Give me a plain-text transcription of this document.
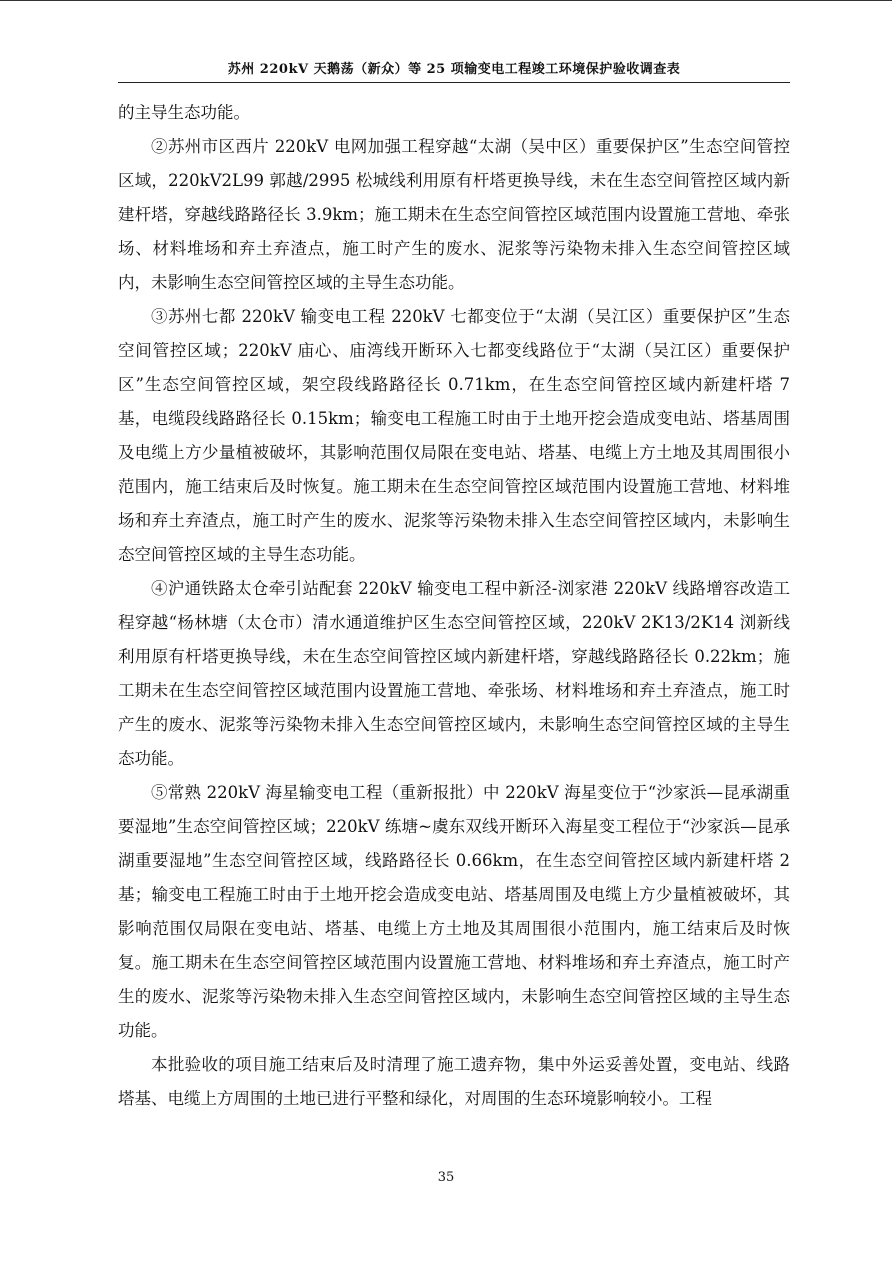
苏州 220kV 天鹅荡（新众）等 25 项输变电工程竣工环境保护验收调查表

的主导生态功能。

②苏州市区西片 220kV 电网加强工程穿越“太湖（吴中区）重要保护区”生态空间管控区域，220kV2L99 郭越/2995 松城线利用原有杆塔更换导线，未在生态空间管控区域内新建杆塔，穿越线路路径长 3.9km；施工期未在生态空间管控区域范围内设置施工营地、牵张场、材料堆场和弃土弃渣点，施工时产生的废水、泥浆等污染物未排入生态空间管控区域内，未影响生态空间管控区域的主导生态功能。

③苏州七都 220kV 输变电工程 220kV 七都变位于“太湖（吴江区）重要保护区”生态空间管控区域；220kV 庙心、庙湾线开断环入七都变线路位于“太湖（吴江区）重要保护区”生态空间管控区域，架空段线路路径长 0.71km，在生态空间管控区域内新建杆塔 7 基，电缆段线路路径长 0.15km；输变电工程施工时由于土地开挖会造成变电站、塔基周围及电缆上方少量植被破坏，其影响范围仅局限在变电站、塔基、电缆上方土地及其周围很小范围内，施工结束后及时恢复。施工期未在生态空间管控区域范围内设置施工营地、材料堆场和弃土弃渣点，施工时产生的废水、泥浆等污染物未排入生态空间管控区域内，未影响生态空间管控区域的主导生态功能。

④沪通铁路太仓牵引站配套 220kV 输变电工程中新泾-浏家港 220kV 线路增容改造工程穿越“杨林塘（太仓市）清水通道维护区生态空间管控区域，220kV 2K13/2K14 浏新线利用原有杆塔更换导线，未在生态空间管控区域内新建杆塔，穿越线路路径长 0.22km；施工期未在生态空间管控区域范围内设置施工营地、牵张场、材料堆场和弃土弃渣点，施工时产生的废水、泥浆等污染物未排入生态空间管控区域内，未影响生态空间管控区域的主导生态功能。

⑤常熟 220kV 海星输变电工程（重新报批）中 220kV 海星变位于“沙家浜—昆承湖重要湿地”生态空间管控区域；220kV 练塘~虞东双线开断环入海星变工程位于“沙家浜—昆承湖重要湿地”生态空间管控区域，线路路径长 0.66km，在生态空间管控区域内新建杆塔 2 基；输变电工程施工时由于土地开挖会造成变电站、塔基周围及电缆上方少量植被破坏，其影响范围仅局限在变电站、塔基、电缆上方土地及其周围很小范围内，施工结束后及时恢复。施工期未在生态空间管控区域范围内设置施工营地、材料堆场和弃土弃渣点，施工时产生的废水、泥浆等污染物未排入生态空间管控区域内，未影响生态空间管控区域的主导生态功能。

本批验收的项目施工结束后及时清理了施工遗弃物，集中外运妥善处置，变电站、线路塔基、电缆上方周围的土地已进行平整和绿化，对周围的生态环境影响较小。工程

35
